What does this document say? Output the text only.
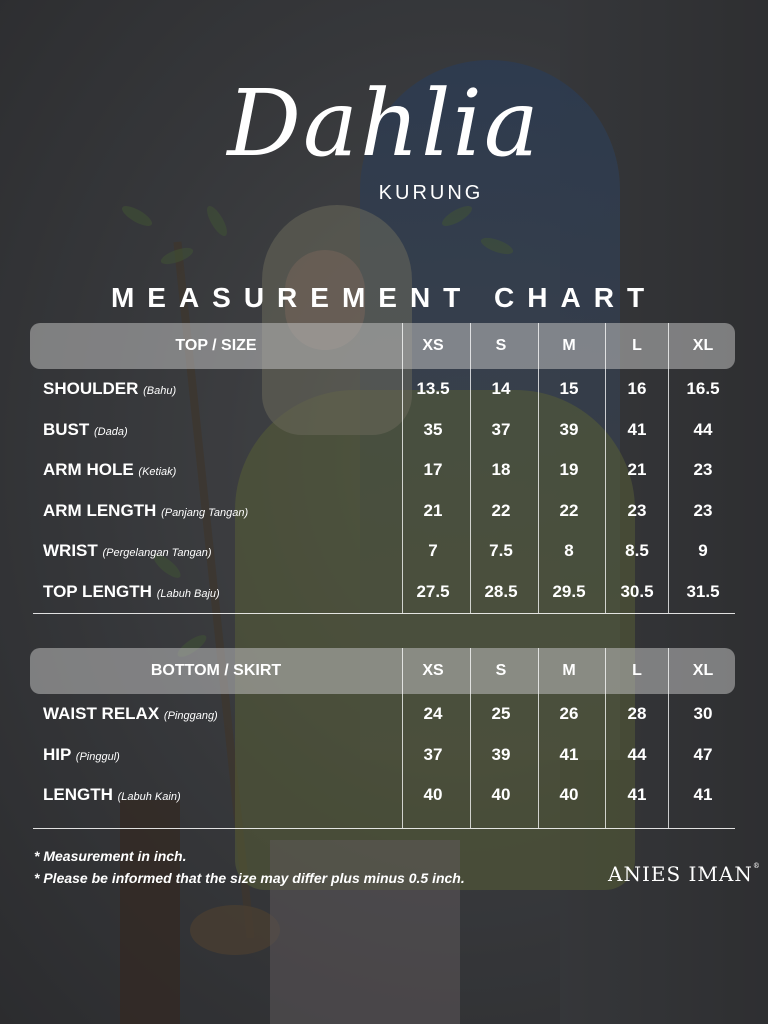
Dahlia
KURUNG
MEASUREMENT CHART
TOP / SIZE	XS	S	M	L	XL
SHOULDER (Bahu)	13.5	14	15	16	16.5
BUST (Dada)	35	37	39	41	44
ARM HOLE (Ketiak)	17	18	19	21	23
ARM LENGTH (Panjang Tangan)	21	22	22	23	23
WRIST (Pergelangan Tangan)	7	7.5	8	8.5	9
TOP LENGTH (Labuh Baju)	27.5	28.5	29.5	30.5	31.5
BOTTOM / SKIRT	XS	S	M	L	XL
WAIST RELAX (Pinggang)	24	25	26	28	30
HIP (Pinggul)	37	39	41	44	47
LENGTH (Labuh Kain)	40	40	40	41	41
* Measurement in inch.
* Please be informed that the size may differ plus minus 0.5 inch.	ANIES IMAN®
